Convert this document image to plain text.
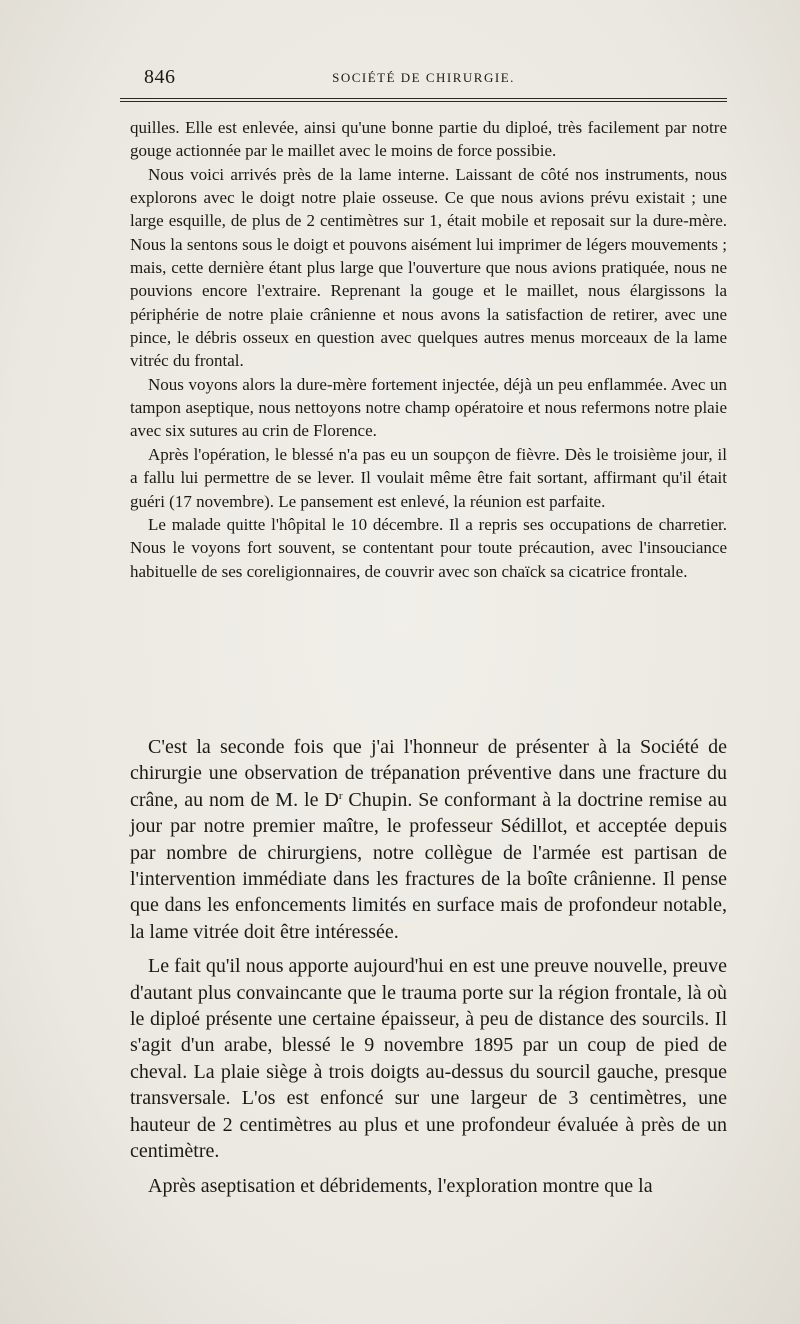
846	SOCIÉTÉ DE CHIRURGIE.

quilles. Elle est enlevée, ainsi qu'une bonne partie du diploé, très facilement par notre gouge actionnée par le maillet avec le moins de force possibie.

Nous voici arrivés près de la lame interne. Laissant de côté nos instruments, nous explorons avec le doigt notre plaie osseuse. Ce que nous avions prévu existait ; une large esquille, de plus de 2 centimètres sur 1, était mobile et reposait sur la dure-mère. Nous la sentons sous le doigt et pouvons aisément lui imprimer de légers mouvements ; mais, cette dernière étant plus large que l'ouverture que nous avions pratiquée, nous ne pouvions encore l'extraire. Reprenant la gouge et le maillet, nous élargissons la périphérie de notre plaie crânienne et nous avons la satisfaction de retirer, avec une pince, le débris osseux en question avec quelques autres menus morceaux de la lame vitréc du frontal.

Nous voyons alors la dure-mère fortement injectée, déjà un peu enflammée. Avec un tampon aseptique, nous nettoyons notre champ opératoire et nous refermons notre plaie avec six sutures au crin de Florence.

Après l'opération, le blessé n'a pas eu un soupçon de fièvre. Dès le troisième jour, il a fallu lui permettre de se lever. Il voulait même être fait sortant, affirmant qu'il était guéri (17 novembre). Le pansement est enlevé, la réunion est parfaite.

Le malade quitte l'hôpital le 10 décembre. Il a repris ses occupations de charretier. Nous le voyons fort souvent, se contentant pour toute précaution, avec l'insouciance habituelle de ses coreligionnaires, de couvrir avec son chaïck sa cicatrice frontale.

C'est la seconde fois que j'ai l'honneur de présenter à la Société de chirurgie une observation de trépanation préventive dans une fracture du crâne, au nom de M. le $D^r$ Chupin. Se conformant à la doctrine remise au jour par notre premier maître, le professeur Sédillot, et acceptée depuis par nombre de chirurgiens, notre collègue de l'armée est partisan de l'intervention immédiate dans les fractures de la boîte crânienne. Il pense que dans les enfoncements limités en surface mais de profondeur notable, la lame vitrée doit être intéressée.

Le fait qu'il nous apporte aujourd'hui en est une preuve nouvelle, preuve d'autant plus convaincante que le trauma porte sur la région frontale, là où le diploé présente une certaine épaisseur, à peu de distance des sourcils. Il s'agit d'un arabe, blessé le 9 novembre 1895 par un coup de pied de cheval. La plaie siège à trois doigts au-dessus du sourcil gauche, presque transversale. L'os est enfoncé sur une largeur de 3 centimètres, une hauteur de 2 centimètres au plus et une profondeur évaluée à près de un centimètre.

Après aseptisation et débridements, l'exploration montre que la
